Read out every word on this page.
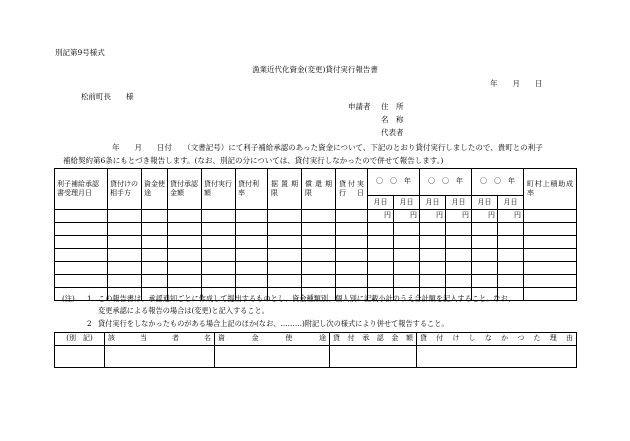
別記第9号様式
漁業近代化資金(変更)貸付実行報告書
年　　月　　日
松前町長　　様
申請者 住　所
名　称
代表者
年　　月　　日付　　（文書記号）にて利子補給承認のあった資金について、下記のとおり貸付実行しましたので、貴町との利子
補給契約第6条にもとづき報告します。(なお、別記の分については、貸付実行しなかったので併せて報告します。)
利子補給承認書受理月日	貸付けの相手方	資金使途	貸付承認金額	貸付実行額	貸付利率	据置期限	償還期限	貸付実行日	〇　〇　年		〇　〇　年		〇　〇　年		町村上積助成率
									月日	月日	月日	月日	月日	月日	
									円	円	円	円	円	円	

(注) 1 この報告書は、承認通知ごとに作成して提出するものとし、資金種類別、個人別に記載小計のうえ合計額を記入すること。なお、
変更承認による報告の場合は(変更)と記入すること。
2 貸付実行をしなかったものがある場合上記のほか(なお、………)附記し次の様式により併せて報告すること。
(別　記)	該当者名	資金使途	貸付承認金額	貸付けしなかつた理由
